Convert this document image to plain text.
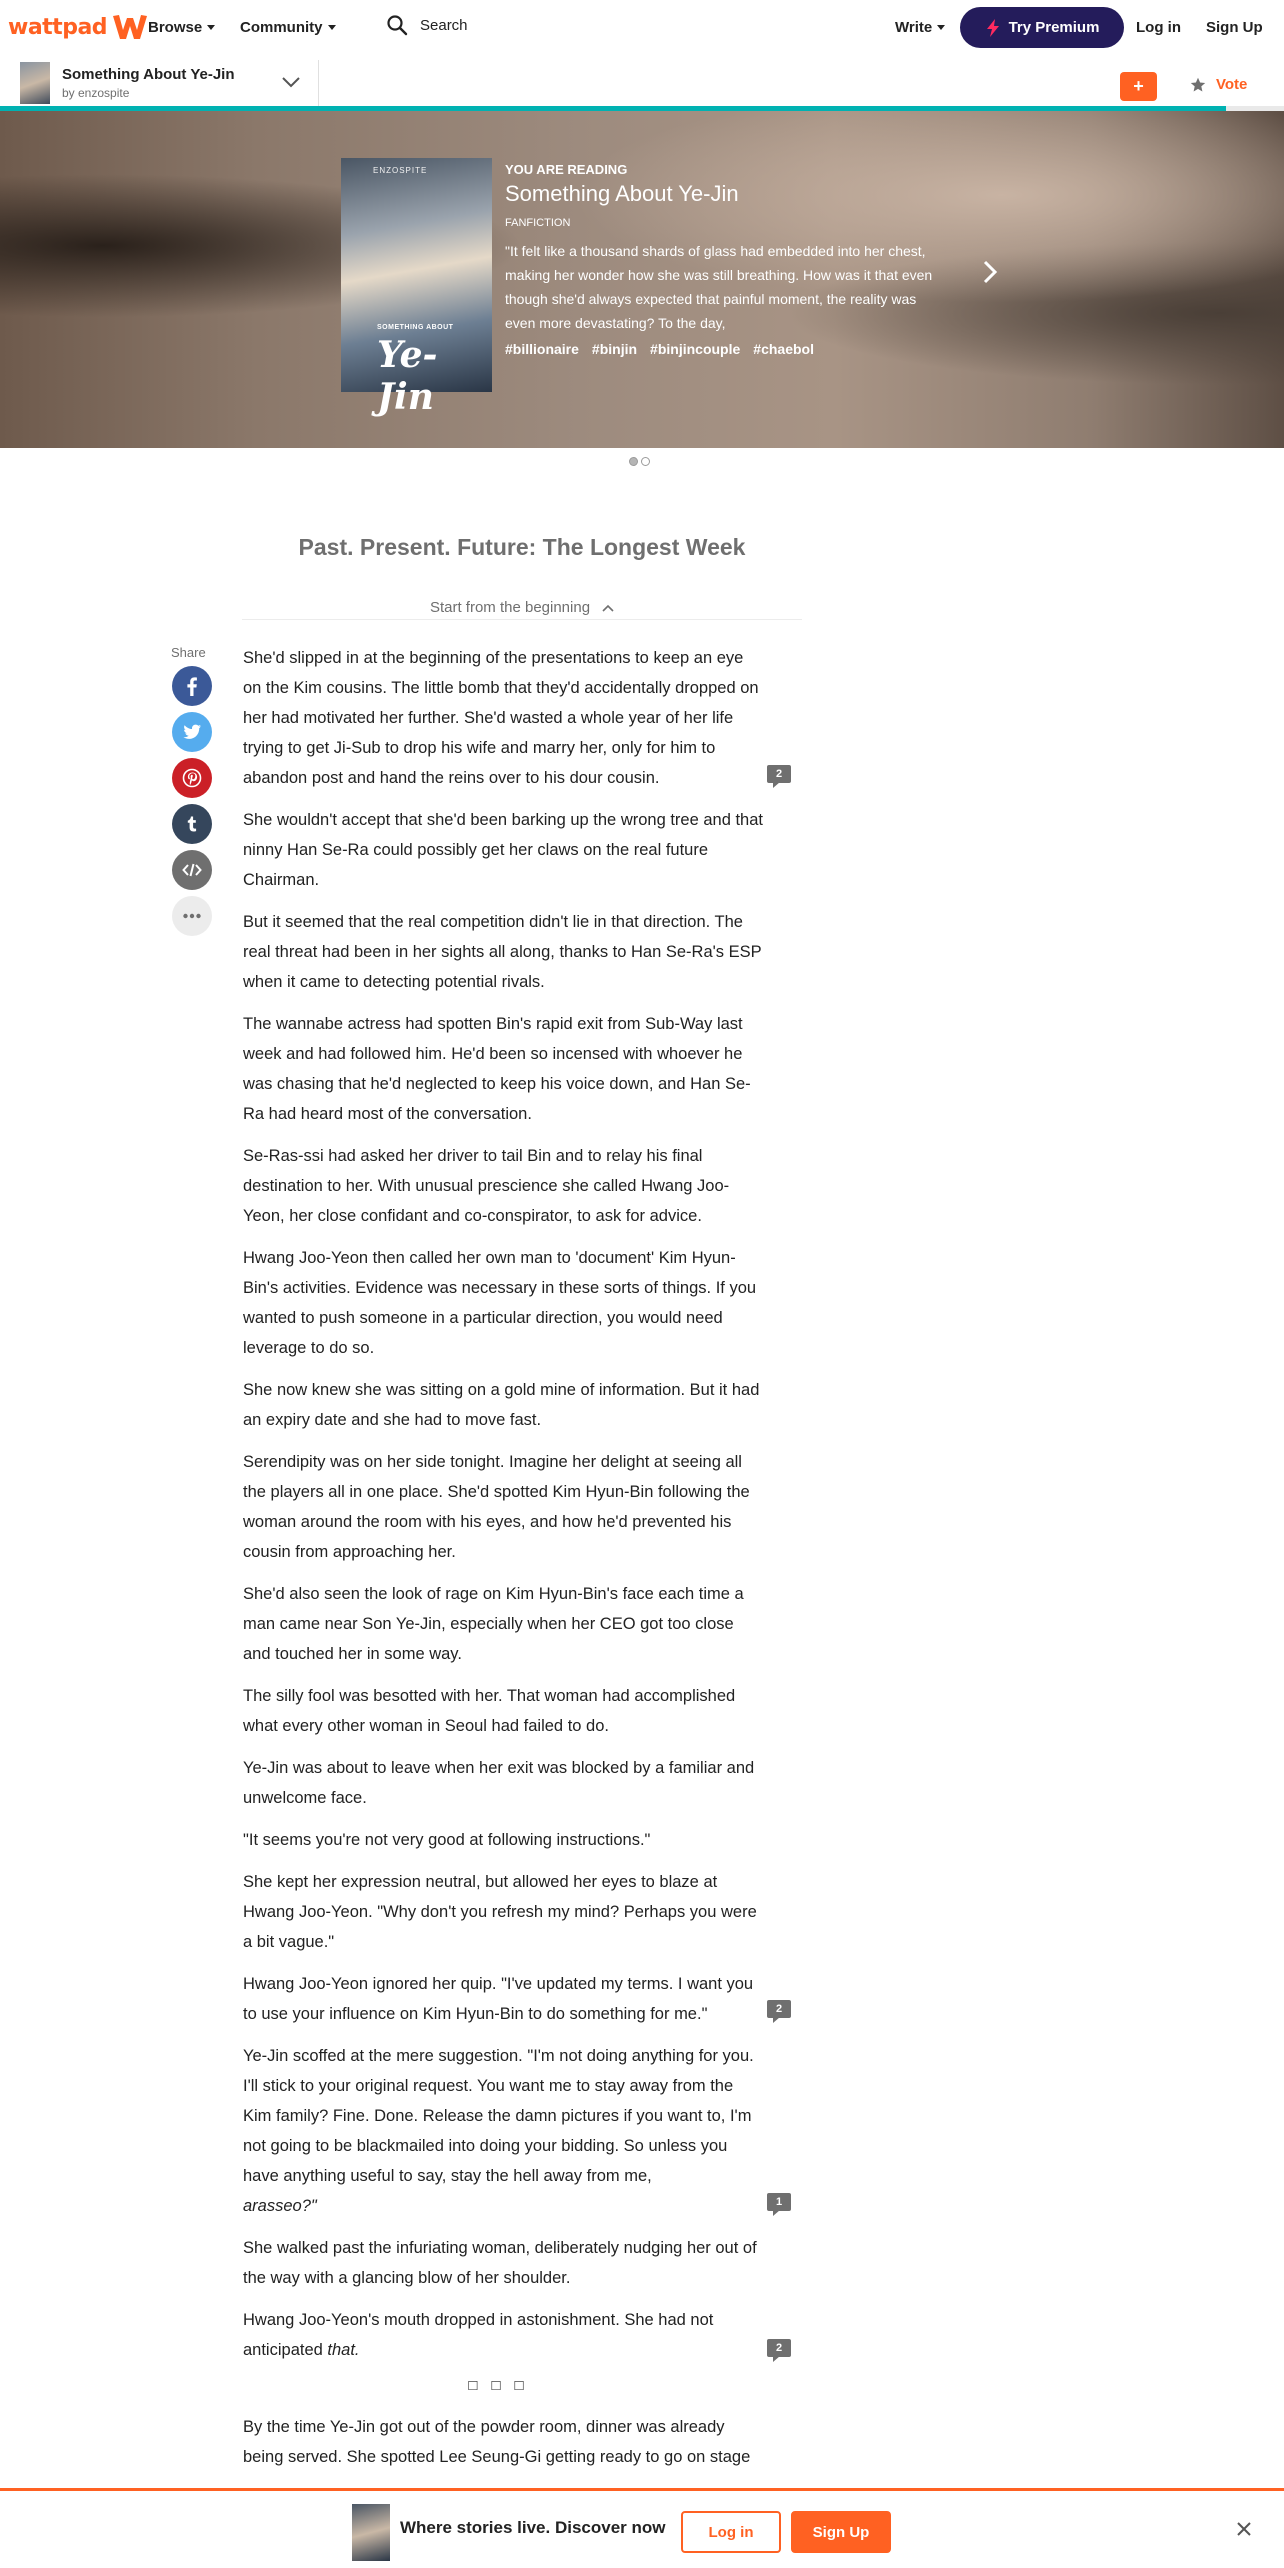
wattpad	Browse	Community
Search	Write	Try Premium Log in Sign Up
Something About Ye-Jin
by enzospite	+	Vote
ENZOSPITE
SOMETHING ABOUT
Ye-Jin
YOU ARE READING
Something About Ye-Jin
FANFICTION
"It felt like a thousand shards of glass had embedded into her chest, making her wonder how she was still breathing. How was it that even though she'd always expected that painful moment, the reality was even more devastating? To the day,
#billionaire #binjin #binjincouple #chaebol
Past. Present. Future: The Longest Week
Start from the beginning
Share She'd slipped in at the beginning of the presentations to keep an eye on the Kim cousins. The little bomb that they'd accidentally dropped on her had motivated her further. She'd wasted a whole year of her life trying to get Ji-Sub to drop his wife and marry her, only for him to abandon post and hand the reins over to his dour cousin.

She wouldn't accept that she'd been barking up the wrong tree and that ninny Han Se-Ra could possibly get her claws on the real future Chairman.

But it seemed that the real competition didn't lie in that direction. The real threat had been in her sights all along, thanks to Han Se-Ra's ESP when it came to detecting potential rivals.

The wannabe actress had spotten Bin's rapid exit from Sub-Way last week and had followed him. He'd been so incensed with whoever he was chasing that he'd neglected to keep his voice down, and Han Se-Ra had heard most of the conversation.

Se-Ras-ssi had asked her driver to tail Bin and to relay his final destination to her. With unusual prescience she called Hwang Joo-Yeon, her close confidant and co-conspirator, to ask for advice.

Hwang Joo-Yeon then called her own man to 'document' Kim Hyun-Bin's activities. Evidence was necessary in these sorts of things. If you wanted to push someone in a particular direction, you would need leverage to do so.

She now knew she was sitting on a gold mine of information. But it had an expiry date and she had to move fast.

Serendipity was on her side tonight. Imagine her delight at seeing all the players all in one place. She'd spotted Kim Hyun-Bin following the woman around the room with his eyes, and how he'd prevented his cousin from approaching her.

She'd also seen the look of rage on Kim Hyun-Bin's face each time a man came near Son Ye-Jin, especially when her CEO got too close and touched her in some way.

The silly fool was besotted with her. That woman had accomplished what every other woman in Seoul had failed to do.

Ye-Jin was about to leave when her exit was blocked by a familiar and unwelcome face.

"It seems you're not very good at following instructions."

She kept her expression neutral, but allowed her eyes to blaze at Hwang Joo-Yeon. "Why don't you refresh my mind? Perhaps you were a bit vague."

Hwang Joo-Yeon ignored her quip. "I've updated my terms. I want you to use your influence on Kim Hyun-Bin to do something for me."

Ye-Jin scoffed at the mere suggestion. "I'm not doing anything for you. I'll stick to your original request. You want me to stay away from the Kim family? Fine. Done. Release the damn pictures if you want to, I'm not going to be blackmailed into doing your bidding. So unless you have anything useful to say, stay the hell away from me,
arasseo?"

She walked past the infuriating woman, deliberately nudging her out of the way with a glancing blow of her shoulder.

Hwang Joo-Yeon's mouth dropped in astonishment. She had not anticipated that.

□□□

By the time Ye-Jin got out of the powder room, dinner was already being served. She spotted Lee Seung-Gi getting ready to go on stage

2
2
1
2
Where stories live. Discover now	Log in	Sign Up
